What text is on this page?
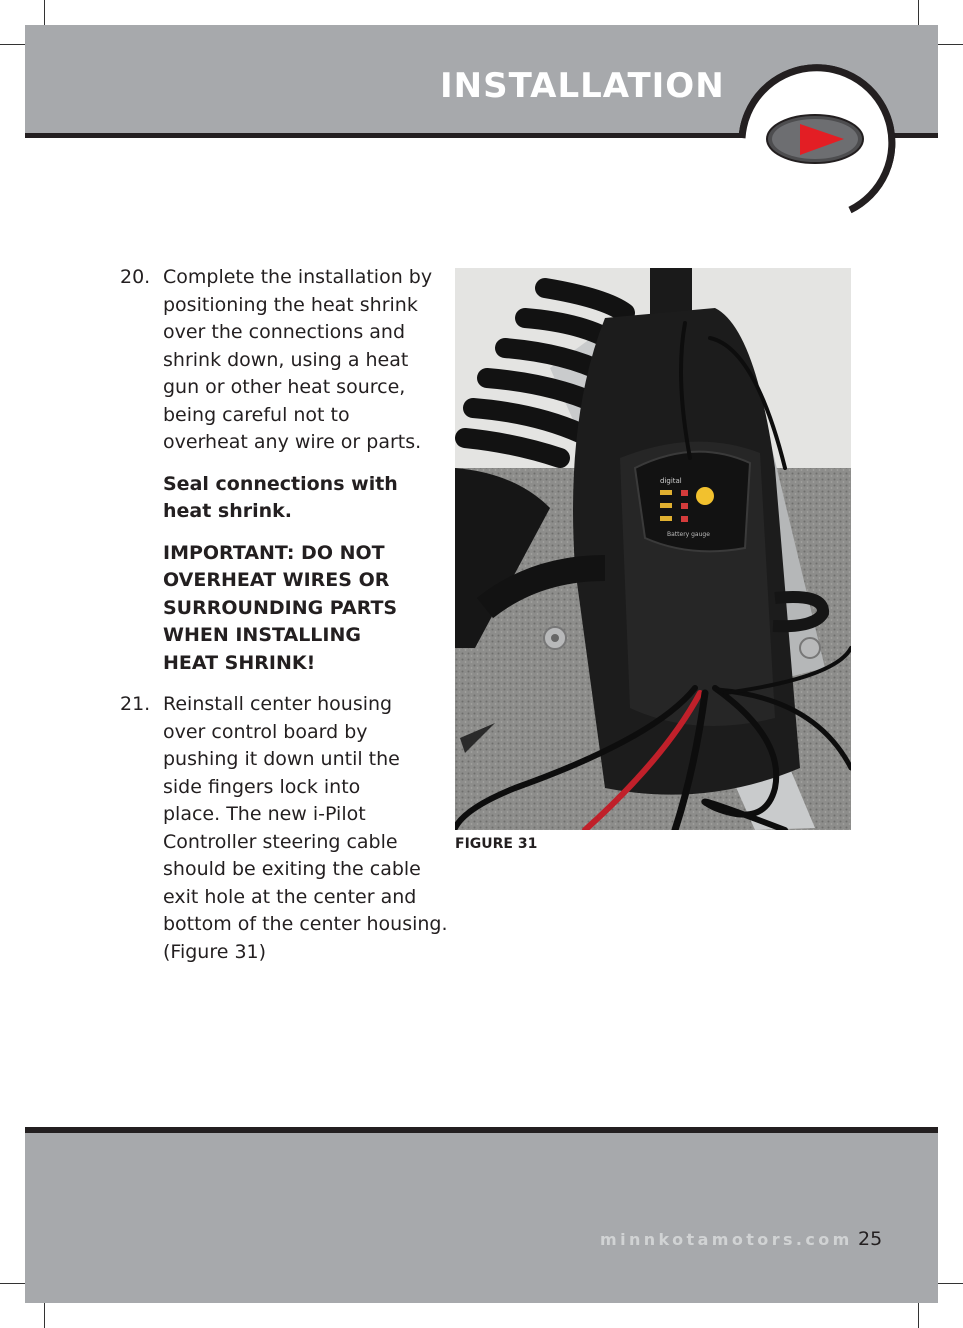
INSTALLATION
20. Complete the installation by
positioning the heat shrink
over the connections and
shrink down, using a heat
gun or other heat source,
being careful not to
overheat any wire or parts.
Seal connections with
heat shrink.
IMPORTANT: DO NOT
OVERHEAT WIRES OR
SURROUNDING PARTS
WHEN INSTALLING
HEAT SHRINK!
21. Reinstall center housing
over control board by
pushing it down until the
side fingers lock into
place. The new i-Pilot
Controller steering cable
should be exiting the cable
exit hole at the center and
bottom of the center housing.
(Figure 31)
digital
Battery gauge
FIGURE 31
minnkotamotors.com 25
